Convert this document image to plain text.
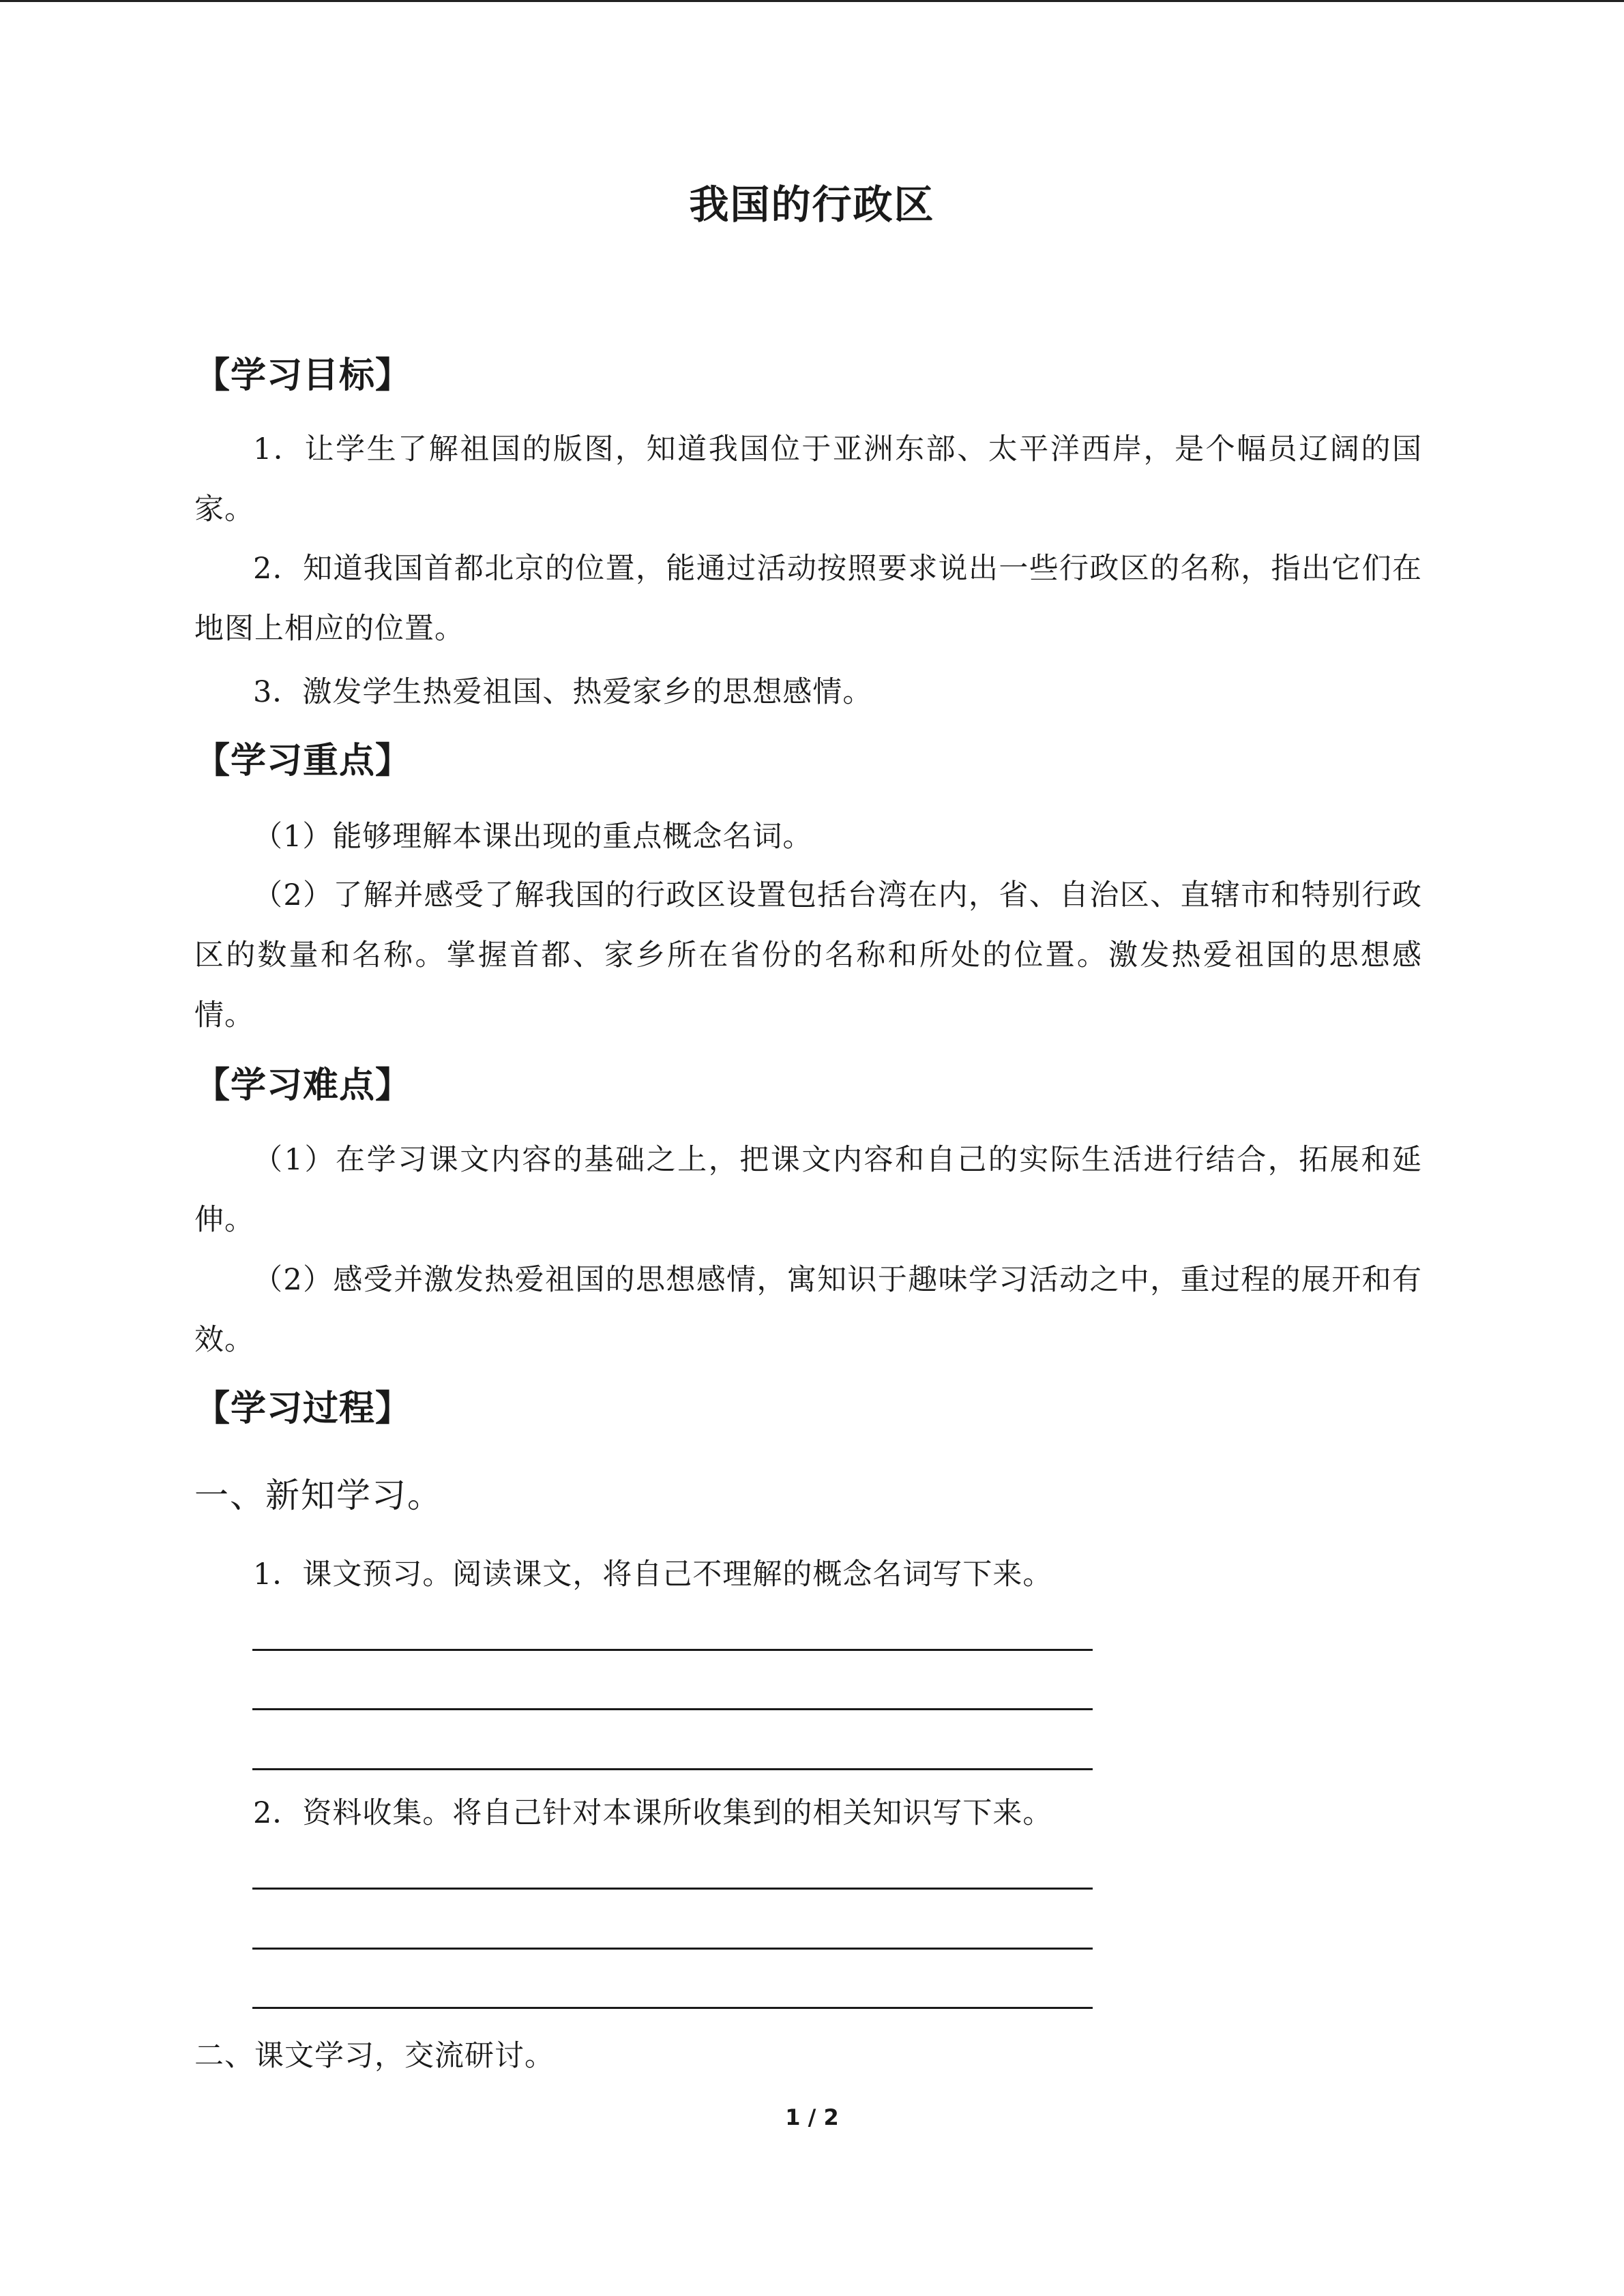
我国的行政区
【学习目标】
1．让学生了解祖国的版图，知道我国位于亚洲东部、太平洋西岸，是个幅员辽阔的国家。
2．知道我国首都北京的位置，能通过活动按照要求说出一些行政区的名称，指出它们在地图上相应的位置。
3．激发学生热爱祖国、热爱家乡的思想感情。
【学习重点】
（1）能够理解本课出现的重点概念名词。
（2）了解并感受了解我国的行政区设置包括台湾在内，省、自治区、直辖市和特别行政区的数量和名称。掌握首都、家乡所在省份的名称和所处的位置。激发热爱祖国的思想感情。
【学习难点】
（1）在学习课文内容的基础之上，把课文内容和自己的实际生活进行结合，拓展和延伸。
（2）感受并激发热爱祖国的思想感情，寓知识于趣味学习活动之中，重过程的展开和有效。
【学习过程】
一、新知学习。
1．课文预习。阅读课文，将自己不理解的概念名词写下来。
2．资料收集。将自己针对本课所收集到的相关知识写下来。
二、课文学习，交流研讨。
1 / 2
